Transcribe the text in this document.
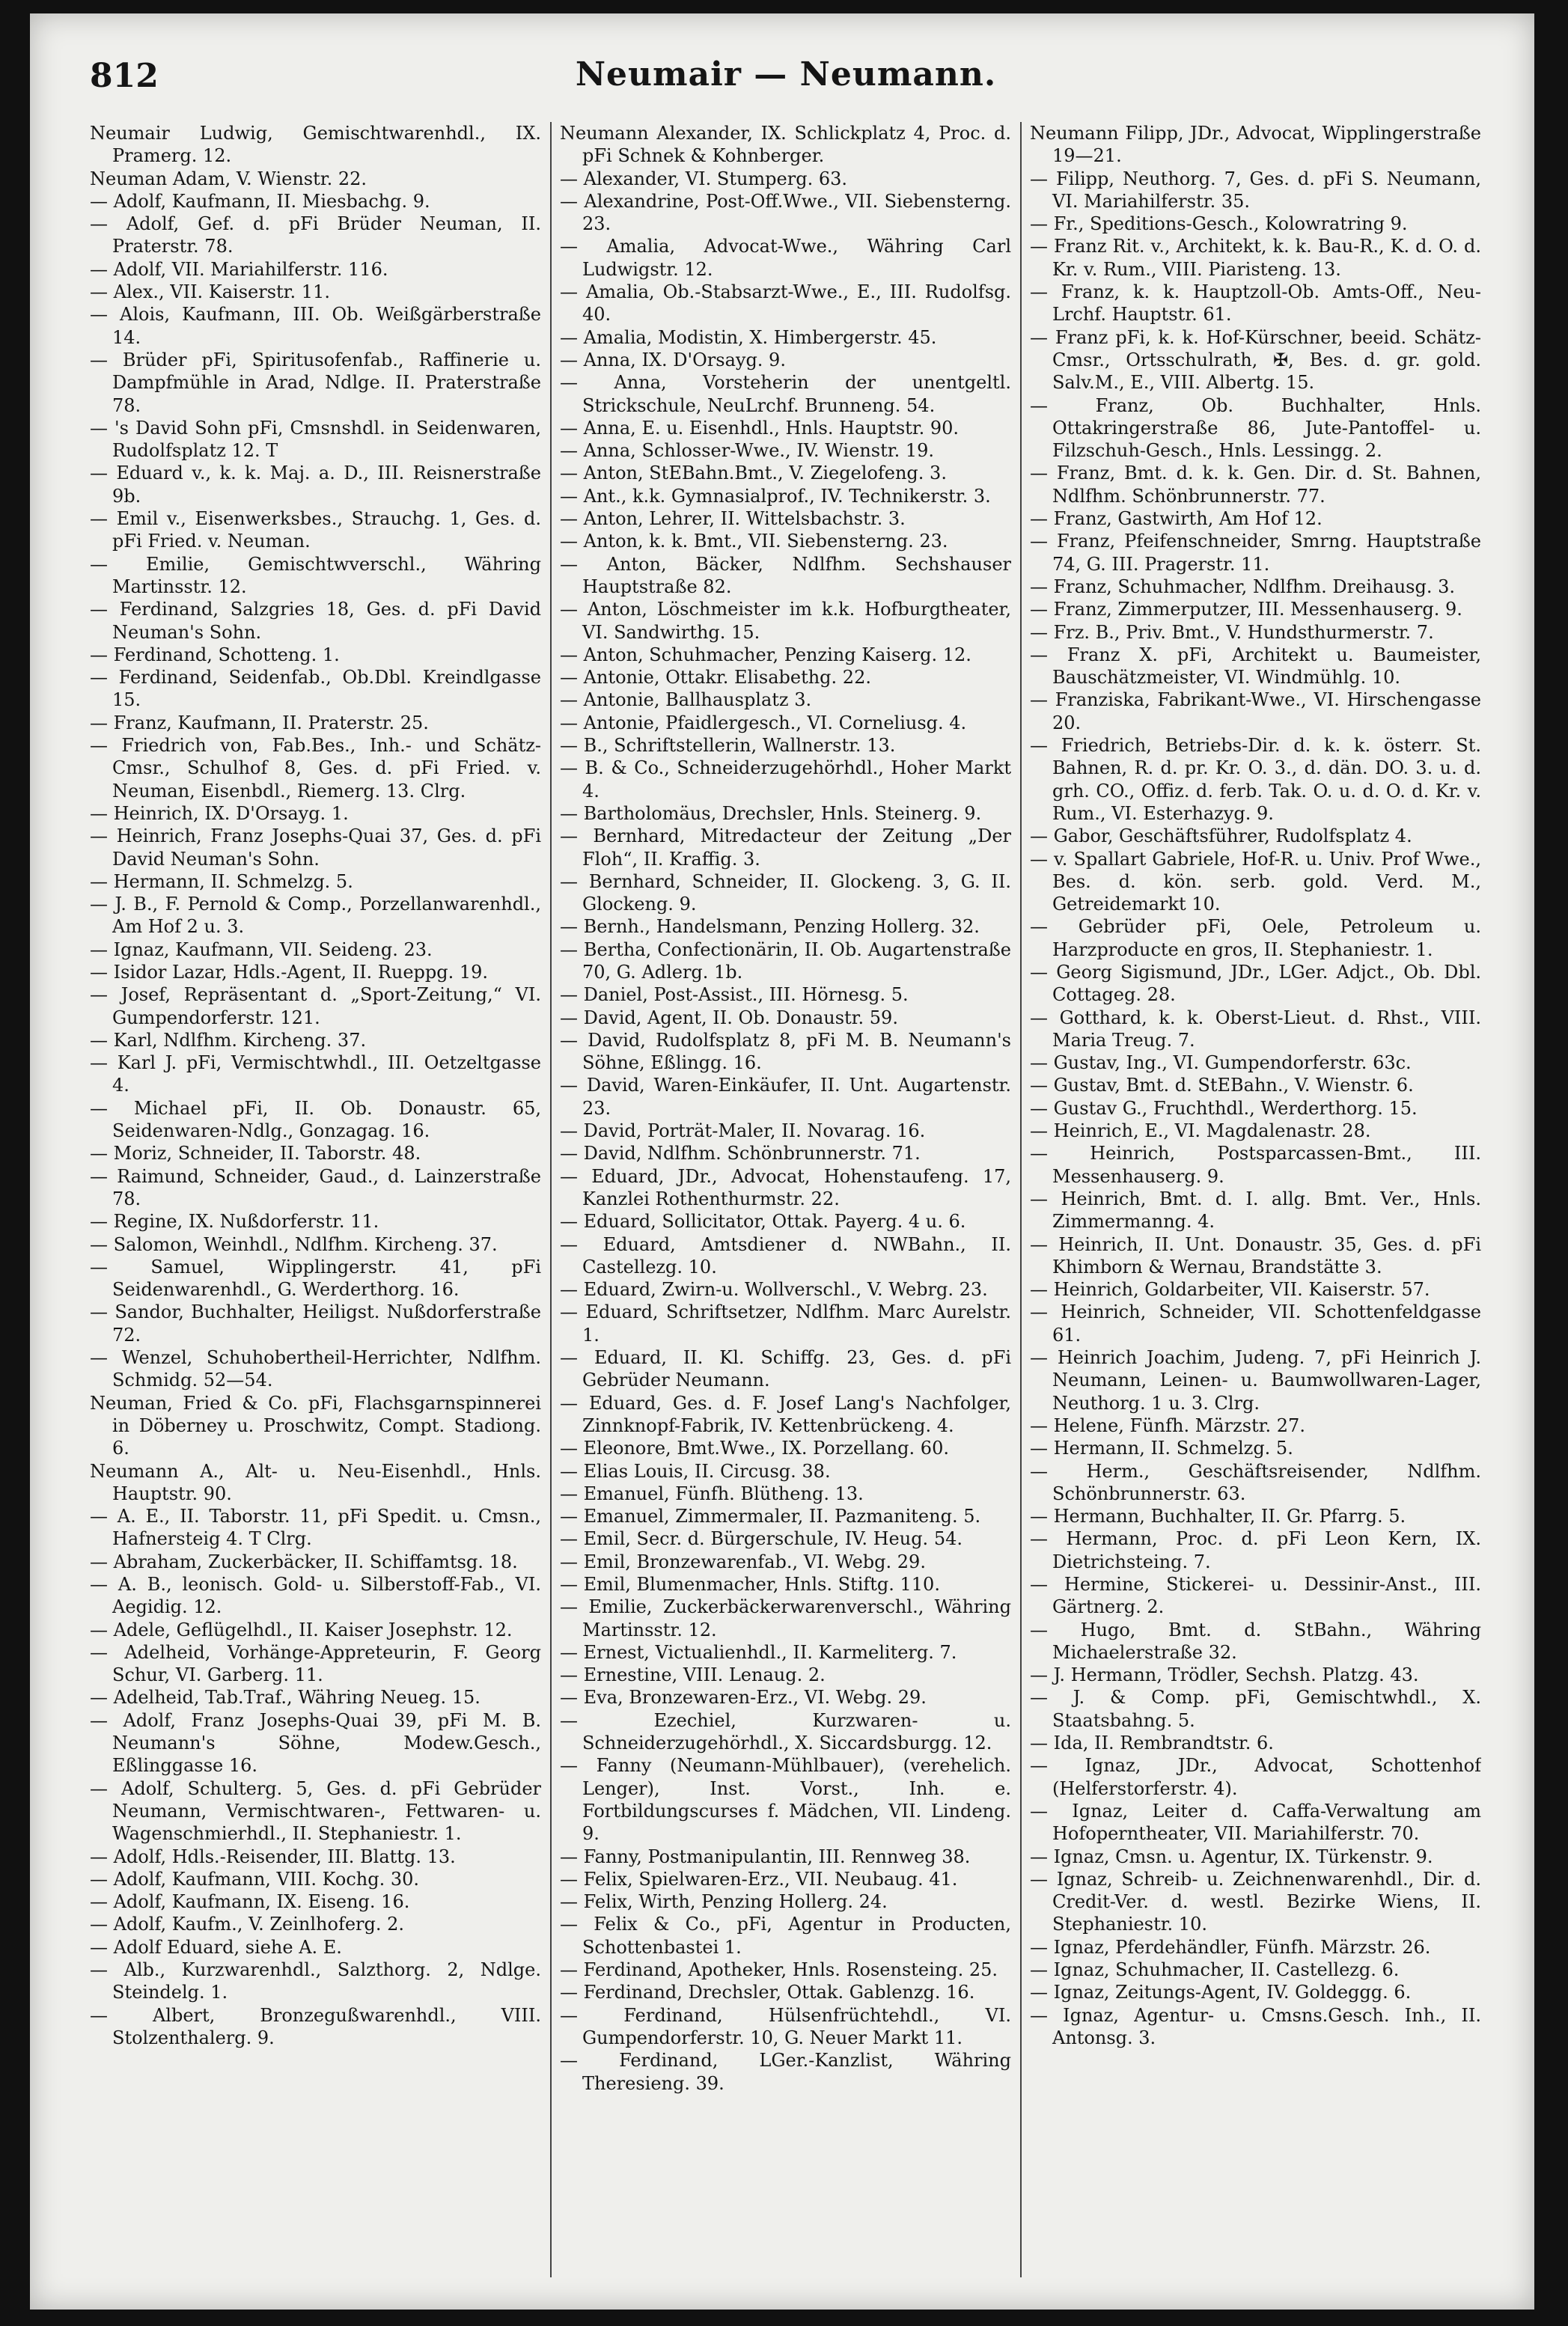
812	Neumair — Neumann.
Neumair Ludwig, Gemischtwarenhdl., IX. Pramerg. 12.
Neuman Adam, V. Wienstr. 22.
— Adolf, Kaufmann, II. Miesbachg. 9.
— Adolf, Gef. d. pFi Brüder Neuman, II. Praterstr. 78.
— Adolf, VII. Mariahilferstr. 116.
— Alex., VII. Kaiserstr. 11.
— Alois, Kaufmann, III. Ob. Weißgärberstraße 14.
— Brüder pFi, Spiritusofenfab., Raffinerie u. Dampfmühle in Arad, Ndlge. II. Praterstraße 78.
— 's David Sohn pFi, Cmsnshdl. in Seidenwaren, Rudolfsplatz 12. T
— Eduard v., k. k. Maj. a. D., III. Reisnerstraße 9b.
— Emil v., Eisenwerksbes., Strauchg. 1, Ges. d. pFi Fried. v. Neuman.
— Emilie, Gemischtwverschl., Währing Martinsstr. 12.
— Ferdinand, Salzgries 18, Ges. d. pFi David Neuman's Sohn.
— Ferdinand, Schotteng. 1.
— Ferdinand, Seidenfab., Ob.Dbl. Kreindlgasse 15.
— Franz, Kaufmann, II. Praterstr. 25.
— Friedrich von, Fab.Bes., Inh.- und Schätz-Cmsr., Schulhof 8, Ges. d. pFi Fried. v. Neuman, Eisenbdl., Riemerg. 13. Clrg.
— Heinrich, IX. D'Orsayg. 1.
— Heinrich, Franz Josephs-Quai 37, Ges. d. pFi David Neuman's Sohn.
— Hermann, II. Schmelzg. 5.
— J. B., F. Pernold & Comp., Porzellanwarenhdl., Am Hof 2 u. 3.
— Ignaz, Kaufmann, VII. Seideng. 23.
— Isidor Lazar, Hdls.-Agent, II. Rueppg. 19.
— Josef, Repräsentant d. „Sport-Zeitung,“ VI. Gumpendorferstr. 121.
— Karl, Ndlfhm. Kircheng. 37.
— Karl J. pFi, Vermischtwhdl., III. Oetzeltgasse 4.
— Michael pFi, II. Ob. Donaustr. 65, Seidenwaren-Ndlg., Gonzagag. 16.
— Moriz, Schneider, II. Taborstr. 48.
— Raimund, Schneider, Gaud., d. Lainzerstraße 78.
— Regine, IX. Nußdorferstr. 11.
— Salomon, Weinhdl., Ndlfhm. Kircheng. 37.
— Samuel, Wipplingerstr. 41, pFi Seidenwarenhdl., G. Werderthorg. 16.
— Sandor, Buchhalter, Heiligst. Nußdorferstraße 72.
— Wenzel, Schuhobertheil-Herrichter, Ndlfhm. Schmidg. 52—54.
Neuman, Fried & Co. pFi, Flachsgarnspinnerei in Döberney u. Proschwitz, Compt. Stadiong. 6.
Neumann A., Alt- u. Neu-Eisenhdl., Hnls. Hauptstr. 90.
— A. E., II. Taborstr. 11, pFi Spedit. u. Cmsn., Hafnersteig 4. T Clrg.
— Abraham, Zuckerbäcker, II. Schiffamtsg. 18.
— A. B., leonisch. Gold- u. Silberstoff-Fab., VI. Aegidig. 12.
— Adele, Geflügelhdl., II. Kaiser Josephstr. 12.
— Adelheid, Vorhänge-Appreteurin, F. Georg Schur, VI. Garberg. 11.
— Adelheid, Tab.Traf., Währing Neueg. 15.
— Adolf, Franz Josephs-Quai 39, pFi M. B. Neumann's Söhne, Modew.Gesch., Eßlinggasse 16.
— Adolf, Schulterg. 5, Ges. d. pFi Gebrüder Neumann, Vermischtwaren-, Fettwaren- u. Wagenschmierhdl., II. Stephaniestr. 1.
— Adolf, Hdls.-Reisender, III. Blattg. 13.
— Adolf, Kaufmann, VIII. Kochg. 30.
— Adolf, Kaufmann, IX. Eiseng. 16.
— Adolf, Kaufm., V. Zeinlhoferg. 2.
— Adolf Eduard, siehe A. E.
— Alb., Kurzwarenhdl., Salzthorg. 2, Ndlge. Steindelg. 1.
— Albert, Bronzegußwarenhdl., VIII. Stolzenthalerg. 9.
Neumann Alexander, IX. Schlickplatz 4, Proc. d. pFi Schnek & Kohnberger.
— Alexander, VI. Stumperg. 63.
— Alexandrine, Post-Off.Wwe., VII. Siebensterng. 23.
— Amalia, Advocat-Wwe., Währing Carl Ludwigstr. 12.
— Amalia, Ob.-Stabsarzt-Wwe., E., III. Rudolfsg. 40.
— Amalia, Modistin, X. Himbergerstr. 45.
— Anna, IX. D'Orsayg. 9.
— Anna, Vorsteherin der unentgeltl. Strickschule, NeuLrchf. Brunneng. 54.
— Anna, E. u. Eisenhdl., Hnls. Hauptstr. 90.
— Anna, Schlosser-Wwe., IV. Wienstr. 19.
— Anton, StEBahn.Bmt., V. Ziegelofeng. 3.
— Ant., k.k. Gymnasialprof., IV. Technikerstr. 3.
— Anton, Lehrer, II. Wittelsbachstr. 3.
— Anton, k. k. Bmt., VII. Siebensterng. 23.
— Anton, Bäcker, Ndlfhm. Sechshauser Hauptstraße 82.
— Anton, Löschmeister im k.k. Hofburgtheater, VI. Sandwirthg. 15.
— Anton, Schuhmacher, Penzing Kaiserg. 12.
— Antonie, Ottakr. Elisabethg. 22.
— Antonie, Ballhausplatz 3.
— Antonie, Pfaidlergesch., VI. Corneliusg. 4.
— B., Schriftstellerin, Wallnerstr. 13.
— B. & Co., Schneiderzugehörhdl., Hoher Markt 4.
— Bartholomäus, Drechsler, Hnls. Steinerg. 9.
— Bernhard, Mitredacteur der Zeitung „Der Floh“, II. Kraffig. 3.
— Bernhard, Schneider, II. Glockeng. 3, G. II. Glockeng. 9.
— Bernh., Handelsmann, Penzing Hollerg. 32.
— Bertha, Confectionärin, II. Ob. Augartenstraße 70, G. Adlerg. 1b.
— Daniel, Post-Assist., III. Hörnesg. 5.
— David, Agent, II. Ob. Donaustr. 59.
— David, Rudolfsplatz 8, pFi M. B. Neumann's Söhne, Eßlingg. 16.
— David, Waren-Einkäufer, II. Unt. Augartenstr. 23.
— David, Porträt-Maler, II. Novarag. 16.
— David, Ndlfhm. Schönbrunnerstr. 71.
— Eduard, JDr., Advocat, Hohenstaufeng. 17, Kanzlei Rothenthurmstr. 22.
— Eduard, Sollicitator, Ottak. Payerg. 4 u. 6.
— Eduard, Amtsdiener d. NWBahn., II. Castellezg. 10.
— Eduard, Zwirn-u. Wollverschl., V. Webrg. 23.
— Eduard, Schriftsetzer, Ndlfhm. Marc Aurelstr. 1.
— Eduard, II. Kl. Schiffg. 23, Ges. d. pFi Gebrüder Neumann.
— Eduard, Ges. d. F. Josef Lang's Nachfolger, Zinnknopf-Fabrik, IV. Kettenbrückeng. 4.
— Eleonore, Bmt.Wwe., IX. Porzellang. 60.
— Elias Louis, II. Circusg. 38.
— Emanuel, Fünfh. Blütheng. 13.
— Emanuel, Zimmermaler, II. Pazmaniteng. 5.
— Emil, Secr. d. Bürgerschule, IV. Heug. 54.
— Emil, Bronzewarenfab., VI. Webg. 29.
— Emil, Blumenmacher, Hnls. Stiftg. 110.
— Emilie, Zuckerbäckerwarenverschl., Währing Martinsstr. 12.
— Ernest, Victualienhdl., II. Karmeliterg. 7.
— Ernestine, VIII. Lenaug. 2.
— Eva, Bronzewaren-Erz., VI. Webg. 29.
— Ezechiel, Kurzwaren- u. Schneiderzugehörhdl., X. Siccardsburgg. 12.
— Fanny (Neumann-Mühlbauer), (verehelich. Lenger), Inst. Vorst., Inh. e. Fortbildungscurses f. Mädchen, VII. Lindeng. 9.
— Fanny, Postmanipulantin, III. Rennweg 38.
— Felix, Spielwaren-Erz., VII. Neubaug. 41.
— Felix, Wirth, Penzing Hollerg. 24.
— Felix & Co., pFi, Agentur in Producten, Schottenbastei 1.
— Ferdinand, Apotheker, Hnls. Rosensteing. 25.
— Ferdinand, Drechsler, Ottak. Gablenzg. 16.
— Ferdinand, Hülsenfrüchtehdl., VI. Gumpendorferstr. 10, G. Neuer Markt 11.
— Ferdinand, LGer.-Kanzlist, Währing Theresieng. 39.
Neumann Filipp, JDr., Advocat, Wipplingerstraße 19—21.
— Filipp, Neuthorg. 7, Ges. d. pFi S. Neumann, VI. Mariahilferstr. 35.
— Fr., Speditions-Gesch., Kolowratring 9.
— Franz Rit. v., Architekt, k. k. Bau-R., K. d. O. d. Kr. v. Rum., VIII. Piaristeng. 13.
— Franz, k. k. Hauptzoll-Ob. Amts-Off., Neu-Lrchf. Hauptstr. 61.
— Franz pFi, k. k. Hof-Kürschner, beeid. Schätz-Cmsr., Ortsschulrath, ✠, Bes. d. gr. gold. Salv.M., E., VIII. Albertg. 15.
— Franz, Ob. Buchhalter, Hnls. Ottakringerstraße 86, Jute-Pantoffel- u. Filzschuh-Gesch., Hnls. Lessingg. 2.
— Franz, Bmt. d. k. k. Gen. Dir. d. St. Bahnen, Ndlfhm. Schönbrunnerstr. 77.
— Franz, Gastwirth, Am Hof 12.
— Franz, Pfeifenschneider, Smrng. Hauptstraße 74, G. III. Pragerstr. 11.
— Franz, Schuhmacher, Ndlfhm. Dreihausg. 3.
— Franz, Zimmerputzer, III. Messenhauserg. 9.
— Frz. B., Priv. Bmt., V. Hundsthurmerstr. 7.
— Franz X. pFi, Architekt u. Baumeister, Bauschätzmeister, VI. Windmühlg. 10.
— Franziska, Fabrikant-Wwe., VI. Hirschengasse 20.
— Friedrich, Betriebs-Dir. d. k. k. österr. St. Bahnen, R. d. pr. Kr. O. 3., d. dän. DO. 3. u. d. grh. CO., Offiz. d. ferb. Tak. O. u. d. O. d. Kr. v. Rum., VI. Esterhazyg. 9.
— Gabor, Geschäftsführer, Rudolfsplatz 4.
— v. Spallart Gabriele, Hof-R. u. Univ. Prof Wwe., Bes. d. kön. serb. gold. Verd. M., Getreidemarkt 10.
— Gebrüder pFi, Oele, Petroleum u. Harzproducte en gros, II. Stephaniestr. 1.
— Georg Sigismund, JDr., LGer. Adjct., Ob. Dbl. Cottageg. 28.
— Gotthard, k. k. Oberst-Lieut. d. Rhst., VIII. Maria Treug. 7.
— Gustav, Ing., VI. Gumpendorferstr. 63c.
— Gustav, Bmt. d. StEBahn., V. Wienstr. 6.
— Gustav G., Fruchthdl., Werderthorg. 15.
— Heinrich, E., VI. Magdalenastr. 28.
— Heinrich, Postsparcassen-Bmt., III. Messenhauserg. 9.
— Heinrich, Bmt. d. I. allg. Bmt. Ver., Hnls. Zimmermanng. 4.
— Heinrich, II. Unt. Donaustr. 35, Ges. d. pFi Khimborn & Wernau, Brandstätte 3.
— Heinrich, Goldarbeiter, VII. Kaiserstr. 57.
— Heinrich, Schneider, VII. Schottenfeldgasse 61.
— Heinrich Joachim, Judeng. 7, pFi Heinrich J. Neumann, Leinen- u. Baumwollwaren-Lager, Neuthorg. 1 u. 3. Clrg.
— Helene, Fünfh. Märzstr. 27.
— Hermann, II. Schmelzg. 5.
— Herm., Geschäftsreisender, Ndlfhm. Schönbrunnerstr. 63.
— Hermann, Buchhalter, II. Gr. Pfarrg. 5.
— Hermann, Proc. d. pFi Leon Kern, IX. Dietrichsteing. 7.
— Hermine, Stickerei- u. Dessinir-Anst., III. Gärtnerg. 2.
— Hugo, Bmt. d. StBahn., Währing Michaelerstraße 32.
— J. Hermann, Trödler, Sechsh. Platzg. 43.
— J. & Comp. pFi, Gemischtwhdl., X. Staatsbahng. 5.
— Ida, II. Rembrandtstr. 6.
— Ignaz, JDr., Advocat, Schottenhof (Helferstorferstr. 4).
— Ignaz, Leiter d. Caffa-Verwaltung am Hofoperntheater, VII. Mariahilferstr. 70.
— Ignaz, Cmsn. u. Agentur, IX. Türkenstr. 9.
— Ignaz, Schreib- u. Zeichnenwarenhdl., Dir. d. Credit-Ver. d. westl. Bezirke Wiens, II. Stephaniestr. 10.
— Ignaz, Pferdehändler, Fünfh. Märzstr. 26.
— Ignaz, Schuhmacher, II. Castellezg. 6.
— Ignaz, Zeitungs-Agent, IV. Goldeggg. 6.
— Ignaz, Agentur- u. Cmsns.Gesch. Inh., II. Antonsg. 3.
